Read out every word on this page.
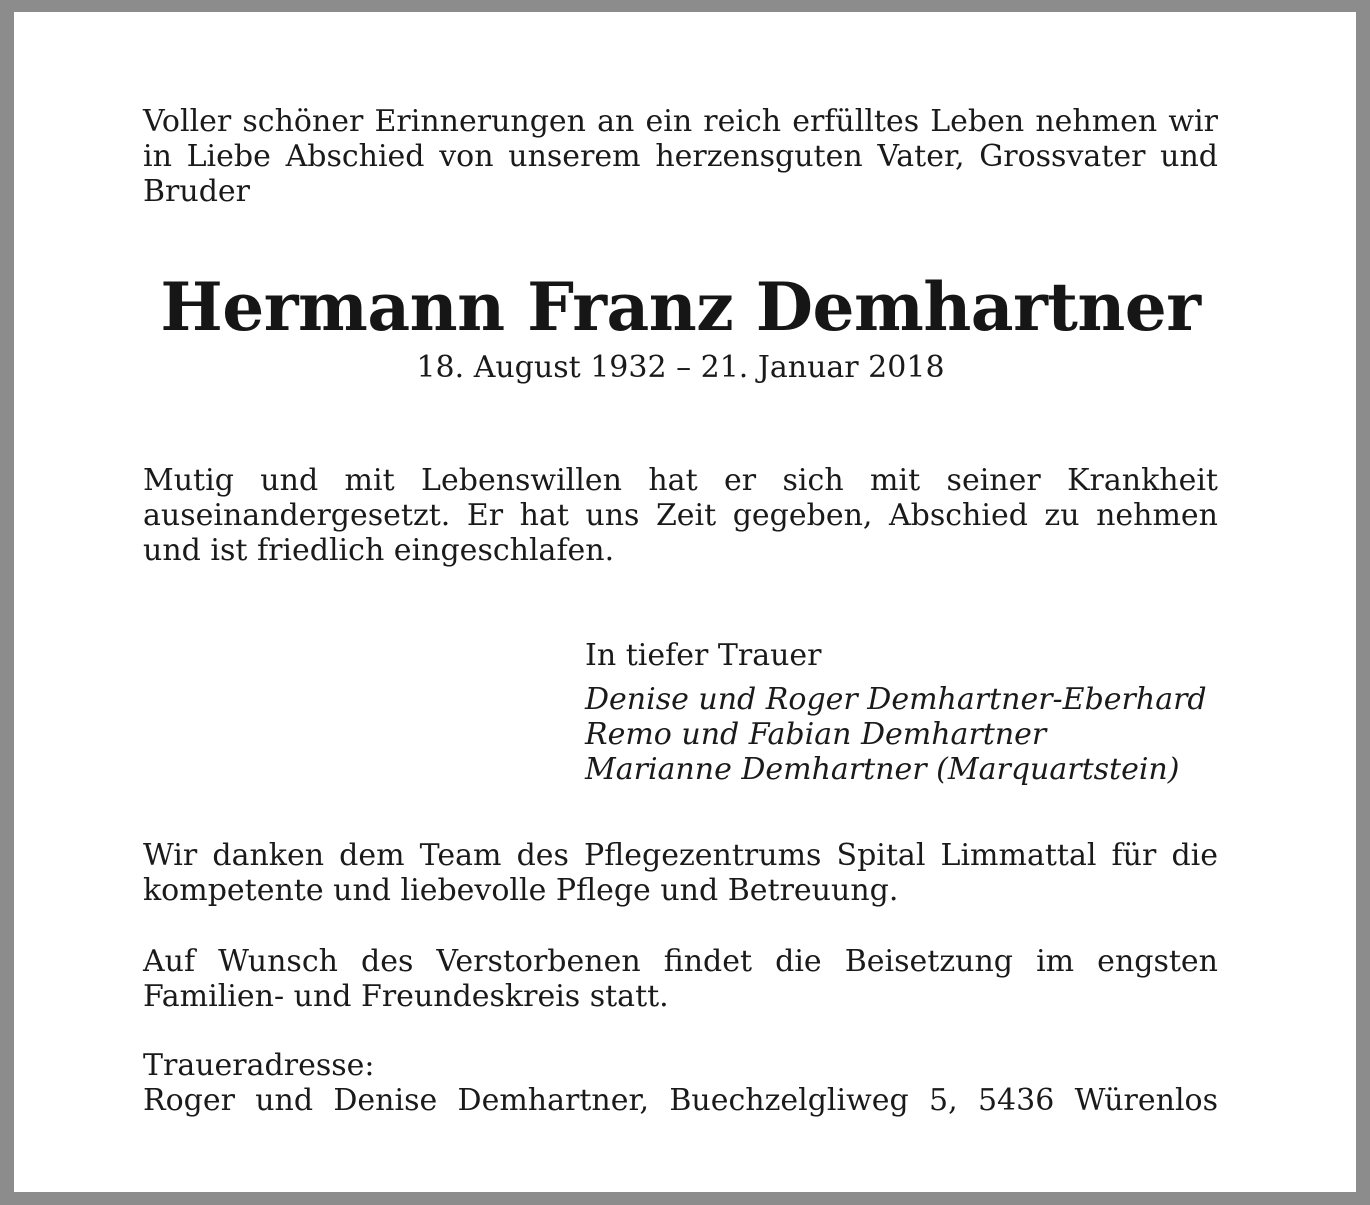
Voller schöner Erinnerungen an ein reich erfülltes Leben nehmen wir in Liebe Abschied von unserem herzensguten Vater, Grossvater und Bruder

Hermann Franz Demhartner

18. August 1932 – 21. Januar 2018

Mutig und mit Lebenswillen hat er sich mit seiner Krankheit auseinandergesetzt. Er hat uns Zeit gegeben, Abschied zu nehmen und ist friedlich eingeschlafen.

In tiefer Trauer

Denise und Roger Demhartner-Eberhard

Remo und Fabian Demhartner

Marianne Demhartner (Marquartstein)

Wir danken dem Team des Pflegezentrums Spital Limmattal für die kompetente und liebevolle Pflege und Betreuung.

Auf Wunsch des Verstorbenen findet die Beisetzung im engsten Familien- und Freundeskreis statt.

Traueradresse:

Roger und Denise Demhartner, Buechzelgliweg 5, 5436 Würenlos
